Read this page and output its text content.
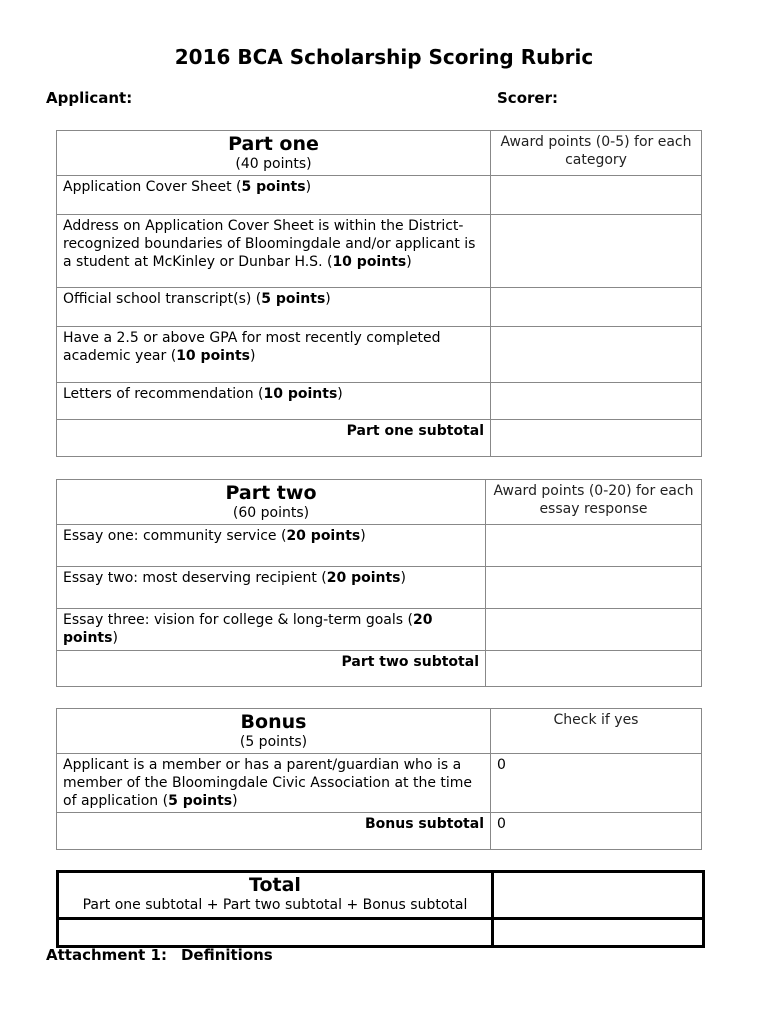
2016 BCA Scholarship Scoring Rubric
Applicant:	Scorer:
Part one
(40 points)	Award points (0-5) for each category
Application Cover Sheet (5 points)	
Address on Application Cover Sheet is within the District-recognized boundaries of Bloomingdale and/or applicant is a student at McKinley or Dunbar H.S. (10 points)	
Official school transcript(s) (5 points)	
Have a 2.5 or above GPA for most recently completed academic year (10 points)	
Letters of recommendation (10 points)	
Part one subtotal	
Part two
(60 points)	Award points (0-20) for each essay response
Essay one: community service (20 points)	
Essay two: most deserving recipient (20 points)	
Essay three: vision for college & long-term goals (20 points)	
Part two subtotal	
Bonus
(5 points)	Check if yes
Applicant is a member or has a parent/guardian who is a member of the Bloomingdale Civic Association at the time of application (5 points)	0
Bonus subtotal	0
Total
Part one subtotal + Part two subtotal + Bonus subtotal	

Attachment 1: Definitions
